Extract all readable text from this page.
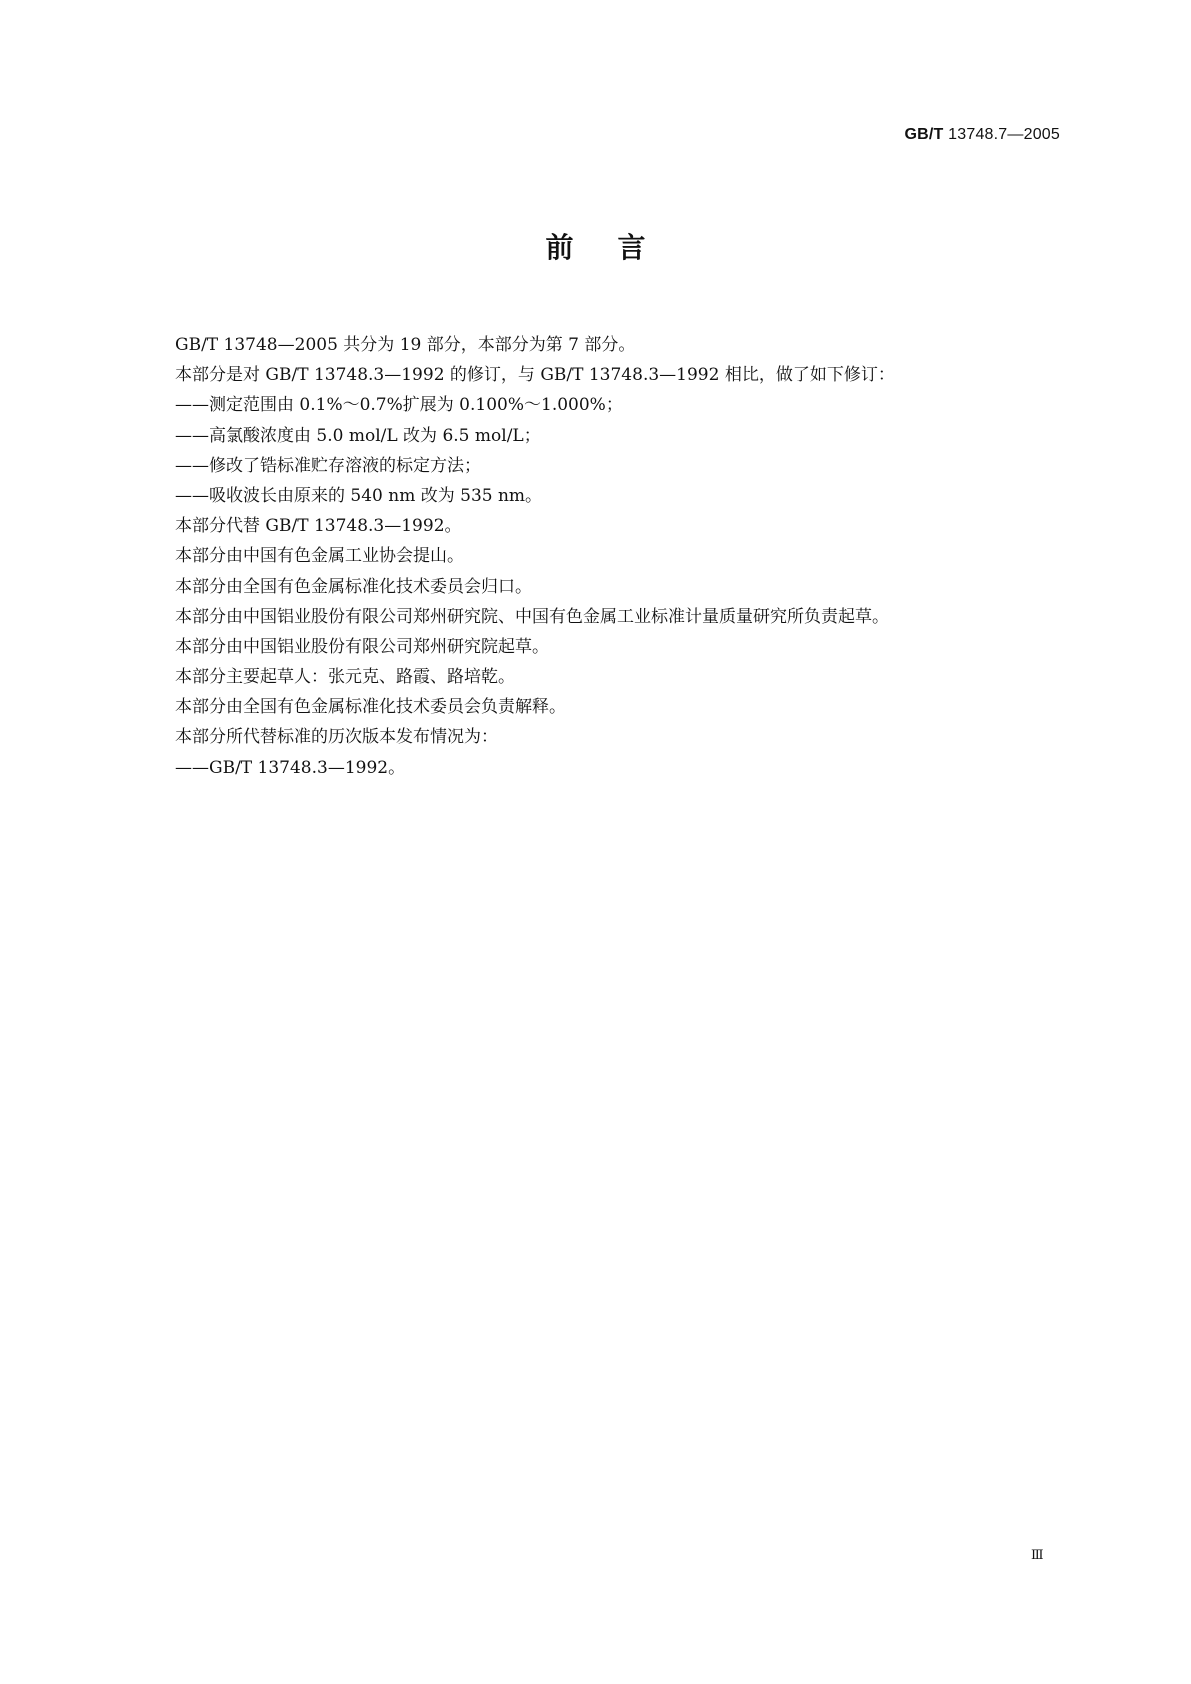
GB/T 13748.7—2005
前言
GB/T 13748—2005 共分为 19 部分，本部分为第 7 部分。
本部分是对 GB/T 13748.3—1992 的修订，与 GB/T 13748.3—1992 相比，做了如下修订：
——测定范围由 0.1%～0.7%扩展为 0.100%～1.000%；
——高氯酸浓度由 5.0 mol/L 改为 6.5 mol/L；
——修改了锆标准贮存溶液的标定方法；
——吸收波长由原来的 540 nm 改为 535 nm。
本部分代替 GB/T 13748.3—1992。
本部分由中国有色金属工业协会提山。
本部分由全国有色金属标准化技术委员会归口。
本部分由中国铝业股份有限公司郑州研究院、中国有色金属工业标准计量质量研究所负责起草。
本部分由中国铝业股份有限公司郑州研究院起草。
本部分主要起草人：张元克、路霞、路培乾。
本部分由全国有色金属标准化技术委员会负责解释。
本部分所代替标准的历次版本发布情况为：
——GB/T 13748.3—1992。
Ⅲ
